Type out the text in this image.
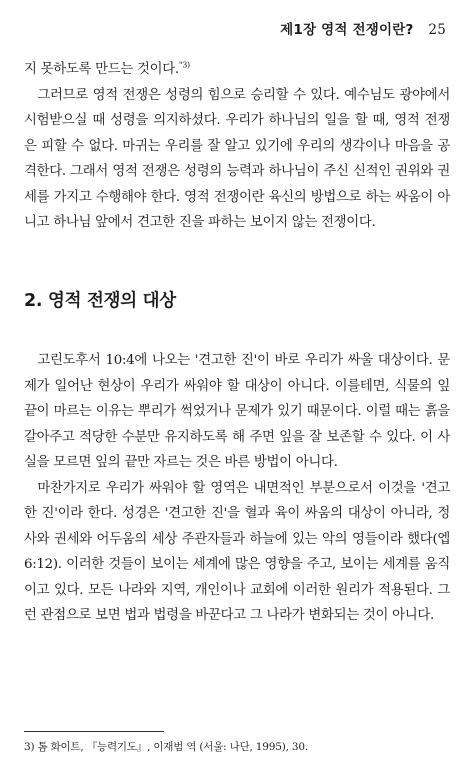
제1장 영적 전쟁이란? 25

지 못하도록 만드는 것이다.$^{"3)}$

그러므로 영적 전쟁은 성령의 힘으로 승리할 수 있다. 예수님도 광야에서 시험받으실 때 성령을 의지하셨다. 우리가 하나님의 일을 할 때, 영적 전쟁은 피할 수 없다. 마귀는 우리를 잘 알고 있기에 우리의 생각이나 마음을 공격한다. 그래서 영적 전쟁은 성령의 능력과 하나님이 주신 신적인 권위와 권세를 가지고 수행해야 한다. 영적 전쟁이란 육신의 방법으로 하는 싸움이 아니고 하나님 앞에서 견고한 진을 파하는 보이지 않는 전쟁이다.

2. 영적 전쟁의 대상

고린도후서 10:4에 나오는 '견고한 진'이 바로 우리가 싸울 대상이다. 문제가 일어난 현상이 우리가 싸워야 할 대상이 아니다. 이를테면, 식물의 잎 끝이 마르는 이유는 뿌리가 썩었거나 문제가 있기 때문이다. 이럴 때는 흙을 갈아주고 적당한 수분만 유지하도록 해 주면 잎을 잘 보존할 수 있다. 이 사실을 모르면 잎의 끝만 자르는 것은 바른 방법이 아니다.

마찬가지로 우리가 싸워야 할 영역은 내면적인 부분으로서 이것을 '견고한 진'이라 한다. 성경은 '견고한 진'을 혈과 육이 싸움의 대상이 아니라, 정사와 권세와 어두움의 세상 주관자들과 하늘에 있는 악의 영들이라 했다(엡 6:12). 이러한 것들이 보이는 세계에 많은 영향을 주고, 보이는 세계를 움직이고 있다. 모든 나라와 지역, 개인이나 교회에 이러한 원리가 적용된다. 그런 관점으로 보면 법과 법령을 바꾼다고 그 나라가 변화되는 것이 아니다.

3) 톰 화이트, 『능력기도』, 이재범 역 (서울: 나단, 1995), 30.
